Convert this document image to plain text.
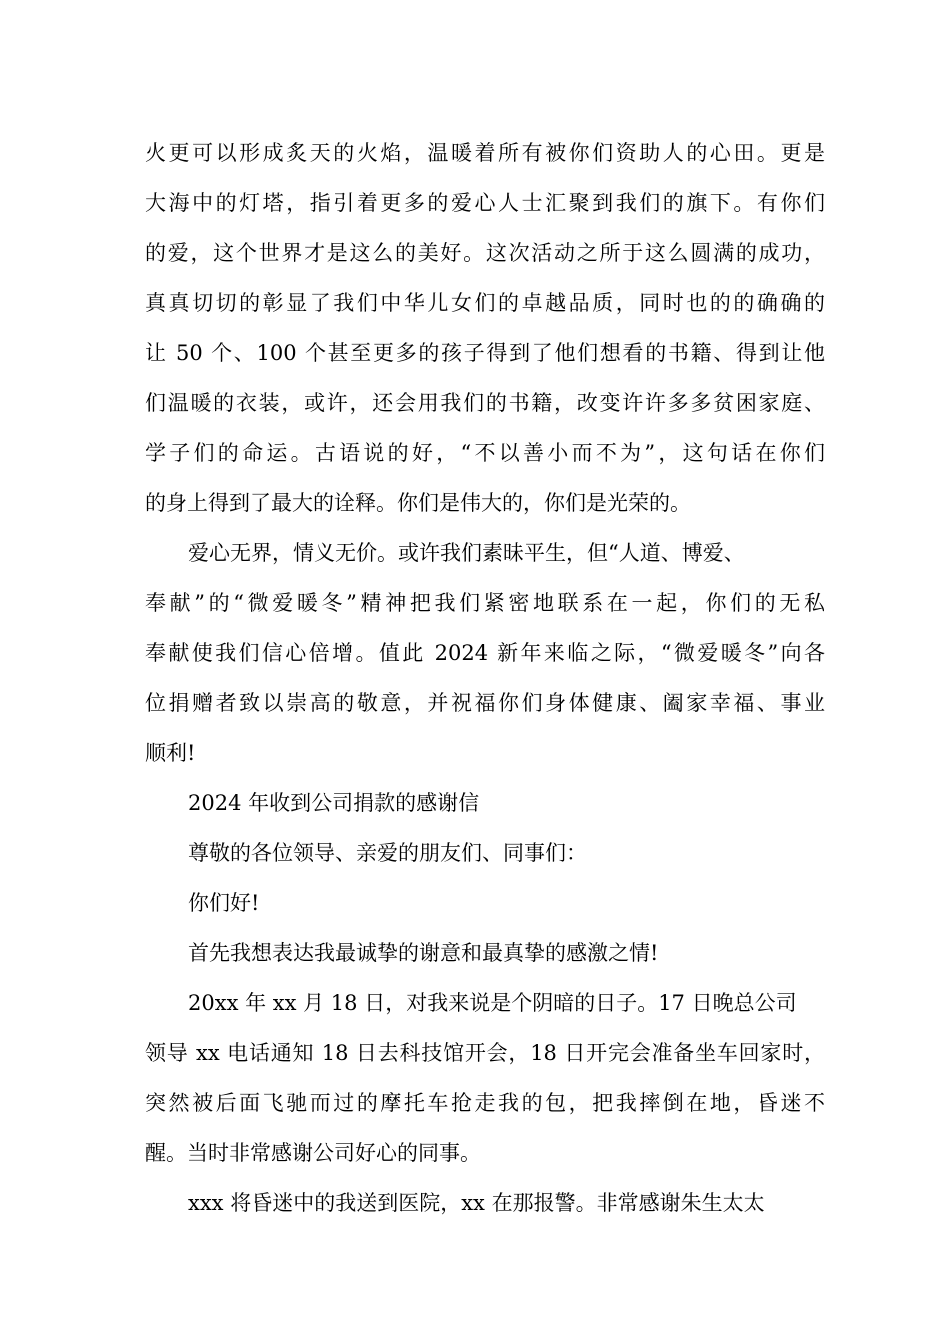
火更可以形成炙天的火焰，温暖着所有被你们资助人的心田。更是
大海中的灯塔，指引着更多的爱心人士汇聚到我们的旗下。有你们
的爱，这个世界才是这么的美好。这次活动之所于这么圆满的成功，
真真切切的彰显了我们中华儿女们的卓越品质，同时也的的确确的
让 50 个、100 个甚至更多的孩子得到了他们想看的书籍、得到让他
们温暖的衣装，或许，还会用我们的书籍，改变许许多多贫困家庭、
学子们的命运。古语说的好，“不以善小而不为”，这句话在你们
的身上得到了最大的诠释。你们是伟大的，你们是光荣的。
爱心无界，情义无价。或许我们素昧平生，但“人道、博爱、
奉献”的“微爱暖冬”精神把我们紧密地联系在一起，你们的无私
奉献使我们信心倍增。值此 2024 新年来临之际，“微爱暖冬”向各
位捐赠者致以崇高的敬意，并祝福你们身体健康、阖家幸福、事业
顺利!
2024 年收到公司捐款的感谢信
尊敬的各位领导、亲爱的朋友们、同事们：
你们好!
首先我想表达我最诚挚的谢意和最真挚的感激之情!
20xx 年 xx 月 18 日，对我来说是个阴暗的日子。17 日晚总公司
领导 xx 电话通知 18 日去科技馆开会，18 日开完会准备坐车回家时，
突然被后面飞驰而过的摩托车抢走我的包，把我摔倒在地，昏迷不
醒。当时非常感谢公司好心的同事。
xxx 将昏迷中的我送到医院，xx 在那报警。非常感谢朱生太太
